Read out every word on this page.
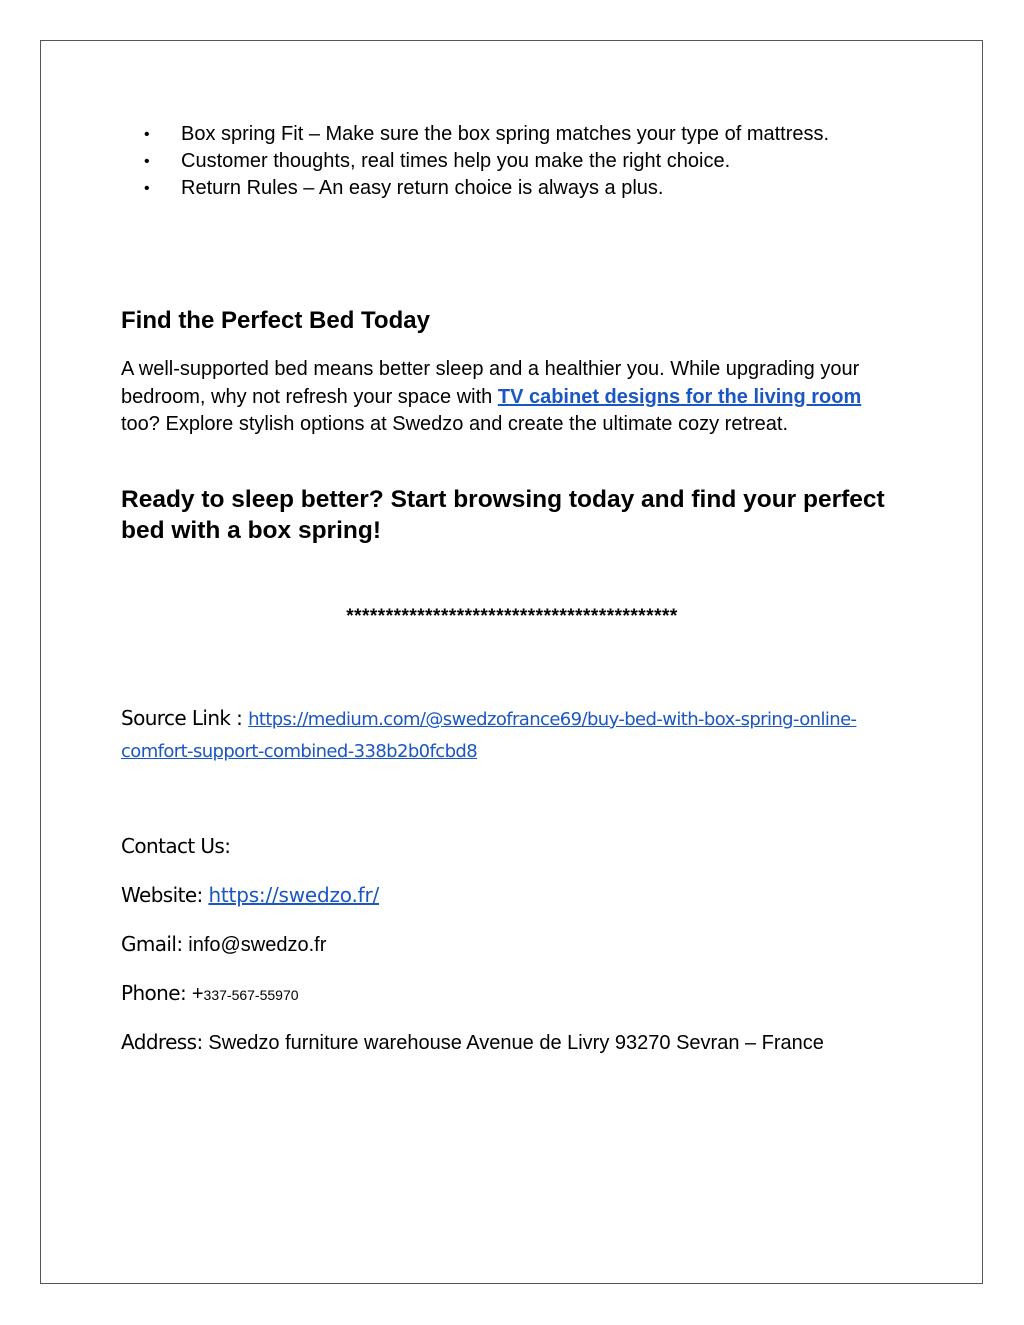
• Box spring Fit – Make sure the box spring matches your type of mattress.
• Customer thoughts, real times help you make the right choice.
• Return Rules – An easy return choice is always a plus.
Find the Perfect Bed Today

A well-supported bed means better sleep and a healthier you. While upgrading your bedroom, why not refresh your space with TV cabinet designs for the living room too? Explore stylish options at Swedzo and create the ultimate cozy retreat.

Ready to sleep better? Start browsing today and find your perfect bed with a box spring!

******************************************
Source Link : https://medium.com/@swedzofrance69/buy-bed-with-box-spring-online-comfort-support-combined-338b2b0fcbd8
Contact Us:
Website: https://swedzo.fr/
Gmail: info@swedzo.fr
Phone: +337-567-55970
Address: Swedzo furniture warehouse Avenue de Livry 93270 Sevran – France
